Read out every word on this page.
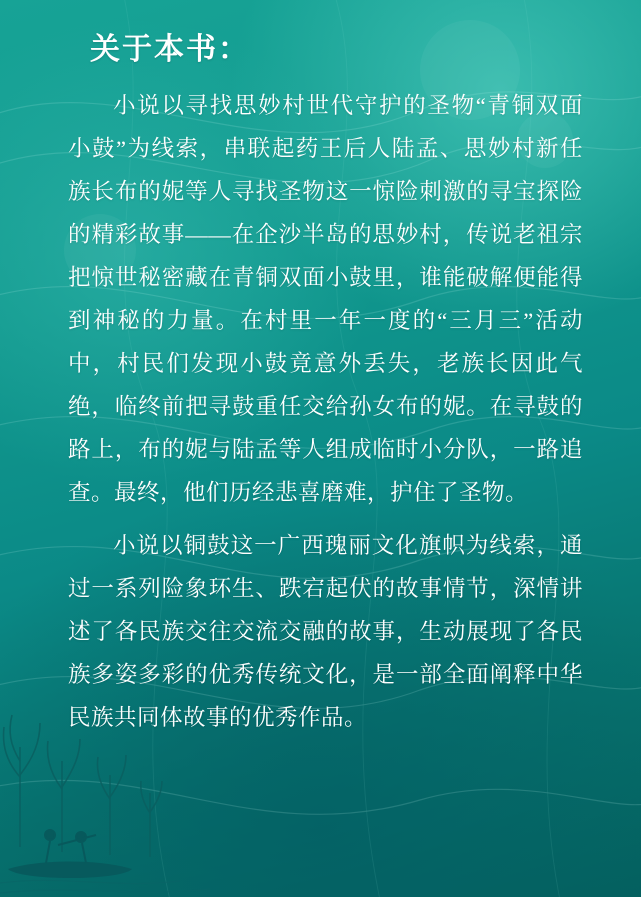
关于本书：

小说以寻找思妙村世代守护的圣物“青铜双面小鼓”为线索，串联起药王后人陆孟、思妙村新任族长布的妮等人寻找圣物这一惊险刺激的寻宝探险的精彩故事——在企沙半岛的思妙村，传说老祖宗把惊世秘密藏在青铜双面小鼓里，谁能破解便能得到神秘的力量。在村里一年一度的“三月三”活动中，村民们发现小鼓竟意外丢失，老族长因此气绝，临终前把寻鼓重任交给孙女布的妮。在寻鼓的路上，布的妮与陆孟等人组成临时小分队，一路追查。最终，他们历经悲喜磨难，护住了圣物。

小说以铜鼓这一广西瑰丽文化旗帜为线索，通过一系列险象环生、跌宕起伏的故事情节，深情讲述了各民族交往交流交融的故事，生动展现了各民族多姿多彩的优秀传统文化，是一部全面阐释中华民族共同体故事的优秀作品。
